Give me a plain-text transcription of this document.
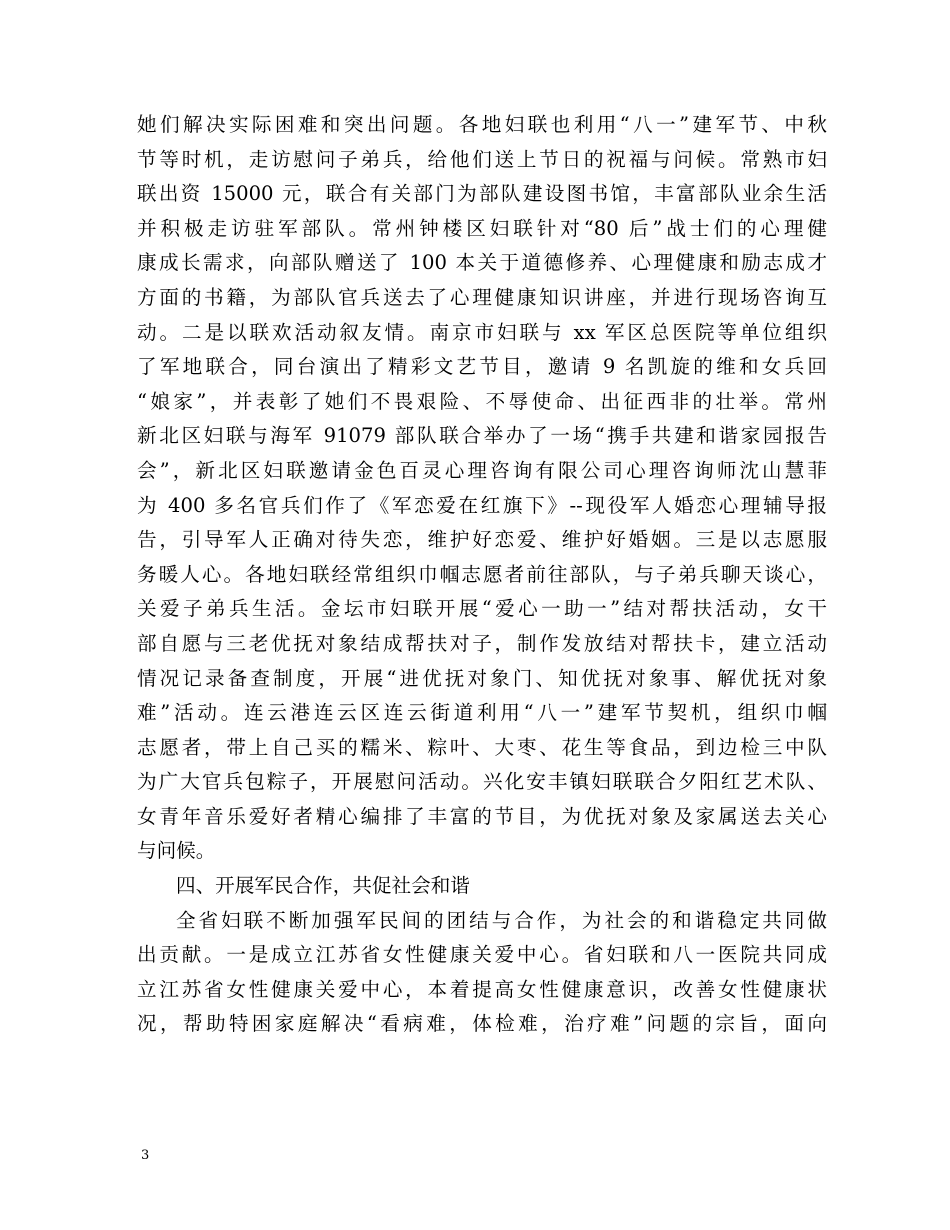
她们解决实际困难和突出问题。各地妇联也利用“八一”建军节、中秋
节等时机，走访慰问子弟兵，给他们送上节日的祝福与问候。常熟市妇
联出资 15000 元，联合有关部门为部队建设图书馆，丰富部队业余生活
并积极走访驻军部队。常州钟楼区妇联针对“80 后”战士们的心理健
康成长需求，向部队赠送了 100 本关于道德修养、心理健康和励志成才
方面的书籍，为部队官兵送去了心理健康知识讲座，并进行现场咨询互
动。二是以联欢活动叙友情。南京市妇联与 xx 军区总医院等单位组织
了军地联合，同台演出了精彩文艺节目，邀请 9 名凯旋的维和女兵回
“娘家”，并表彰了她们不畏艰险、不辱使命、出征西非的壮举。常州
新北区妇联与海军 91079 部队联合举办了一场“携手共建和谐家园报告
会”，新北区妇联邀请金色百灵心理咨询有限公司心理咨询师沈山慧菲
为 400 多名官兵们作了《军恋爱在红旗下》--现役军人婚恋心理辅导报
告，引导军人正确对待失恋，维护好恋爱、维护好婚姻。三是以志愿服
务暖人心。各地妇联经常组织巾帼志愿者前往部队，与子弟兵聊天谈心，
关爱子弟兵生活。金坛市妇联开展“爱心一助一”结对帮扶活动，女干
部自愿与三老优抚对象结成帮扶对子，制作发放结对帮扶卡，建立活动
情况记录备查制度，开展“进优抚对象门、知优抚对象事、解优抚对象
难”活动。连云港连云区连云街道利用“八一”建军节契机，组织巾帼
志愿者，带上自己买的糯米、粽叶、大枣、花生等食品，到边检三中队
为广大官兵包粽子，开展慰问活动。兴化安丰镇妇联联合夕阳红艺术队、
女青年音乐爱好者精心编排了丰富的节目，为优抚对象及家属送去关心
与问候。
四、开展军民合作，共促社会和谐
全省妇联不断加强军民间的团结与合作，为社会的和谐稳定共同做
出贡献。一是成立江苏省女性健康关爱中心。省妇联和八一医院共同成
立江苏省女性健康关爱中心，本着提高女性健康意识，改善女性健康状
况，帮助特困家庭解决“看病难，体检难，治疗难”问题的宗旨，面向
3
